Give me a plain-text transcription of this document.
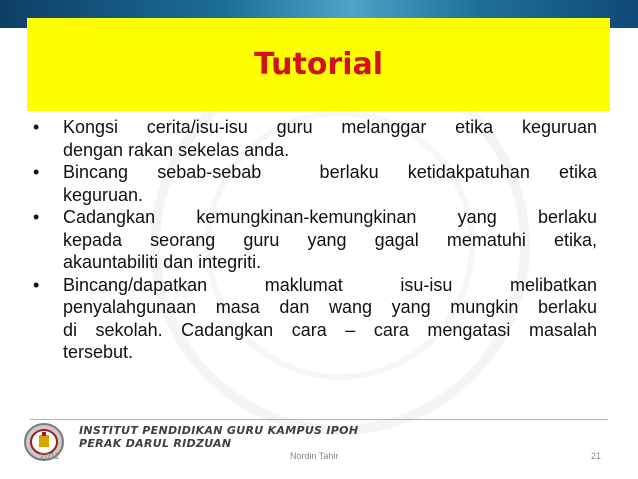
Tutorial
• Kongsi cerita/isu-isu guru melanggar etika keguruan
dengan rakan sekelas anda.
• Bincang sebab-sebab  berlaku ketidakpatuhan etika
keguruan.
• Cadangkan kemungkinan-kemungkinan yang berlaku
kepada seorang guru yang gagal mematuhi etika,
akauntabiliti dan integriti.
• Bincang/dapatkan maklumat isu-isu melibatkan
penyalahgunaan masa dan wang yang mungkin berlaku
di sekolah. Cadangkan cara – cara mengatasi masalah
tersebut.
INSTITUT PENDIDIKAN GURU KAMPUS IPOH
PERAK DARUL RIDZUAN
2011	Nordin Tahir	21
